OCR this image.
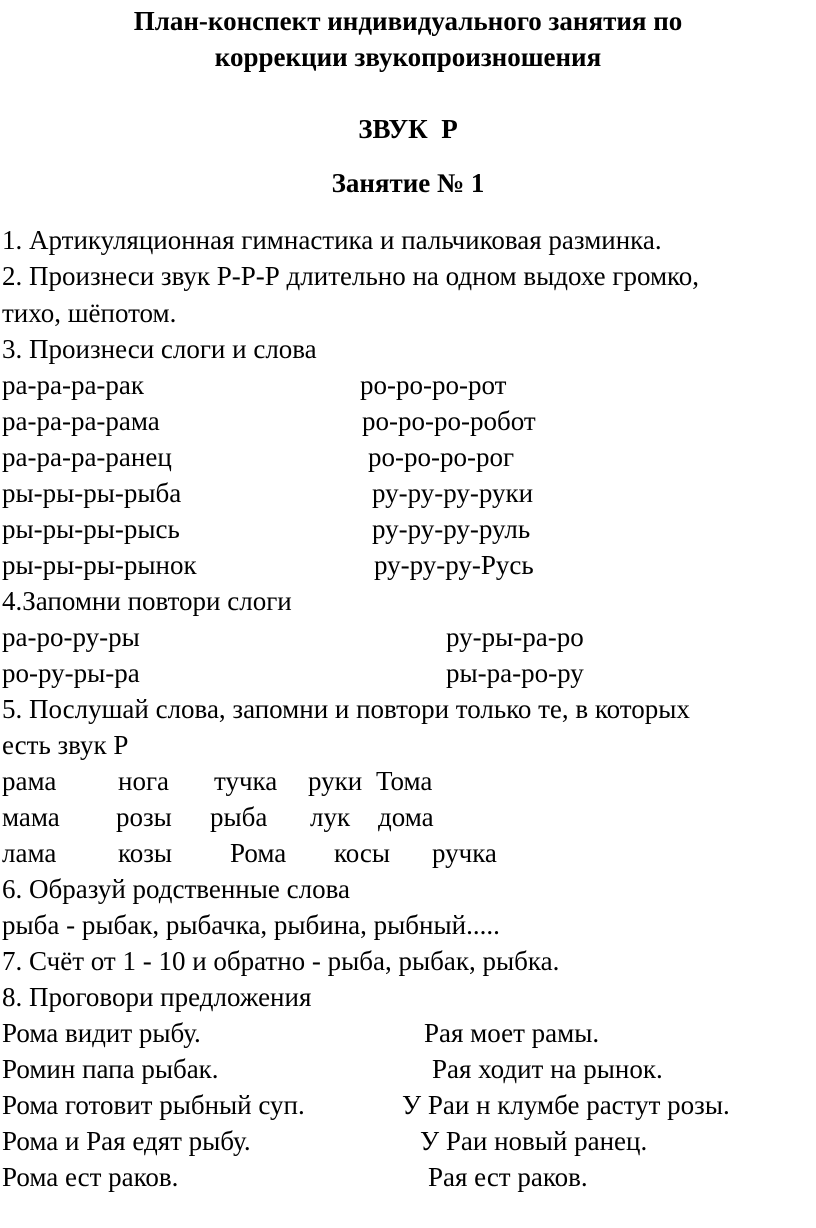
План-конспект индивидуального занятия по
коррекции звукопроизношения
ЗВУК  Р
Занятие № 1
1. Артикуляционная гимнастика и пальчиковая разминка.
2. Произнеси звук Р-Р-Р длительно на одном выдохе громко,
тихо, шёпотом.
3. Произнеси слоги и слова
ра-ра-ра-рак	ро-ро-ро-рот
ра-ра-ра-рама	ро-ро-ро-робот
ра-ра-ра-ранец	ро-ро-ро-рог
ры-ры-ры-рыба	ру-ру-ру-руки
ры-ры-ры-рысь	ру-ру-ру-руль
ры-ры-ры-рынок	ру-ру-ру-Русь
4.Запомни повтори слоги
ра-ро-ру-ры	ру-ры-ра-ро
ро-ру-ры-ра	ры-ра-ро-ру
5. Послушай слова, запомни и повтори только те, в которых
есть звук Р
рама нога тучка руки Тома
мама розы рыба лук дома
лама козы Рома косы ручка
6. Образуй родственные слова
рыба - рыбак, рыбачка, рыбина, рыбный.....
7. Счёт от 1 - 10 и обратно - рыба, рыбак, рыбка.
8. Проговори предложения
Рома видит рыбу.	Рая моет рамы.
Ромин папа рыбак.	Рая ходит на рынок.
Рома готовит рыбный суп.	У Раи н клумбе растут розы.
Рома и Рая едят рыбу.	У Раи новый ранец.
Рома ест раков.	Рая ест раков.
